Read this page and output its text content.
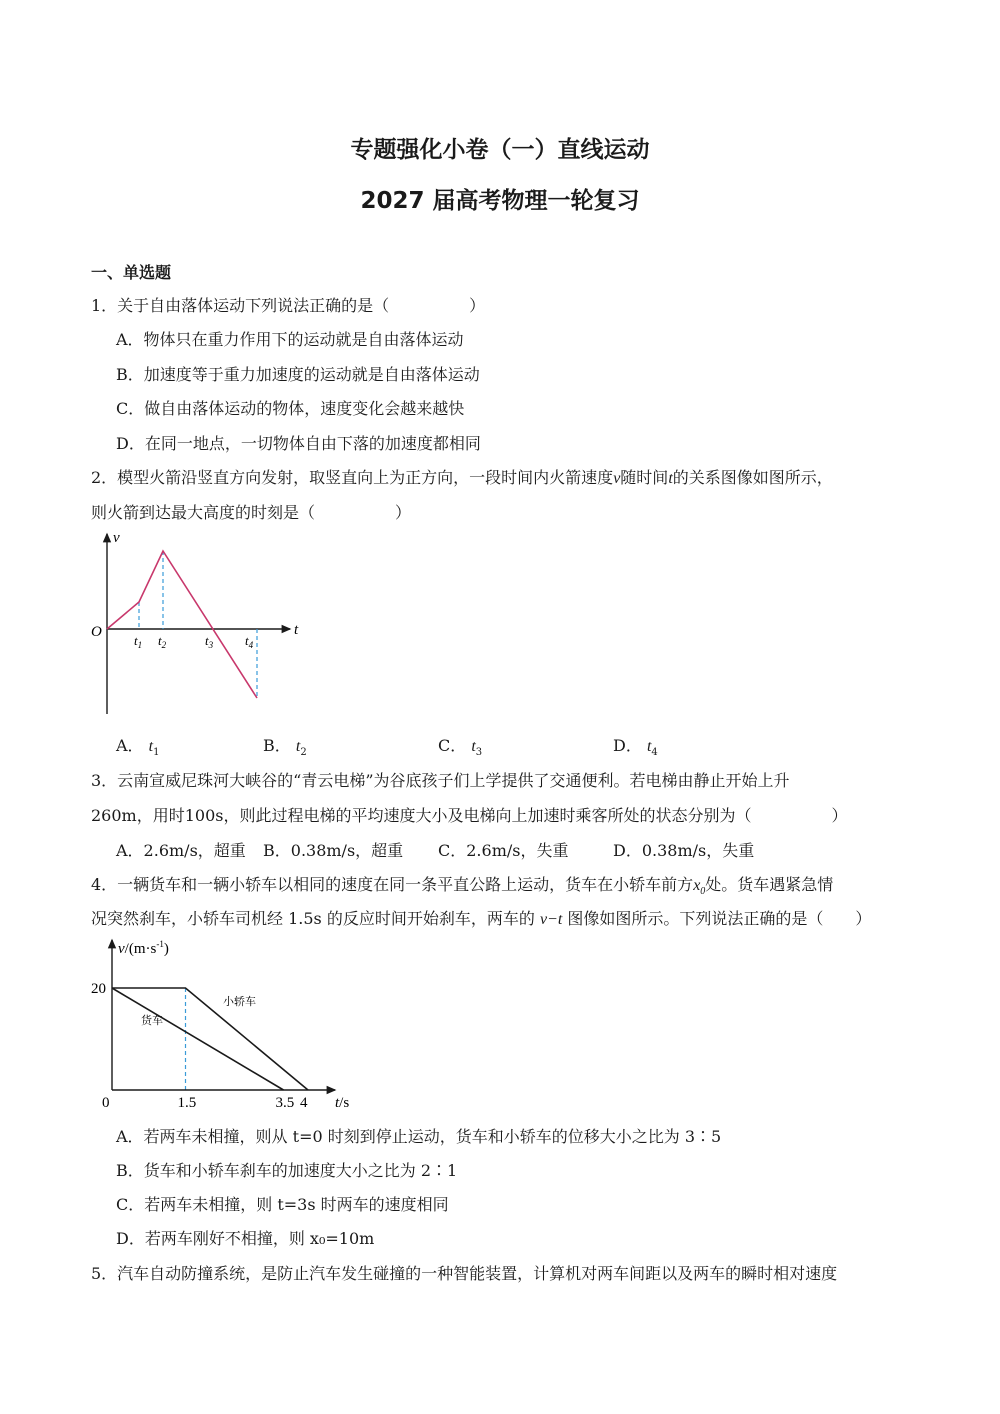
专题强化小卷（一）直线运动
2027 届高考物理一轮复习
一、单选题
1．关于自由落体运动下列说法正确的是（　　　　　）
A．物体只在重力作用下的运动就是自由落体运动
B．加速度等于重力加速度的运动就是自由落体运动
C．做自由落体运动的物体，速度变化会越来越快
D．在同一地点，一切物体自由下落的加速度都相同
2．模型火箭沿竖直方向发射，取竖直向上为正方向，一段时间内火箭速度v随时间t的关系图像如图所示，
则火箭到达最大高度的时刻是（　　　　　）
v
O	t
$t_1$ $t_2$	$t_3$ $t_4$
A． $t_1$	B． $t_2$	C． $t_3$	D． $t_4$
3．云南宣威尼珠河大峡谷的“青云电梯”为谷底孩子们上学提供了交通便利。若电梯由静止开始上升
260m，用时100s，则此过程电梯的平均速度大小及电梯向上加速时乘客所处的状态分别为（　　　　　）
A．2.6m/s，超重 B．0.38m/s，超重 C．2.6m/s，失重	D．0.38m/s，失重
4．一辆货车和一辆小轿车以相同的速度在同一条平直公路上运动，货车在小轿车前方$x_0$处。货车遇紧急情
况突然刹车，小轿车司机经 1.5s 的反应时间开始刹车，两车的 v−t 图像如图所示。下列说法正确的是（　　）
$v/(m\cdot s^{-1})$
t/s
0	1.5	3.5 4
20
小轿车
货车
A．若两车未相撞，则从 t=0 时刻到停止运动，货车和小轿车的位移大小之比为 3∶5
B．货车和小轿车刹车的加速度大小之比为 2∶1
C．若两车未相撞，则 t=3s 时两车的速度相同
D．若两车刚好不相撞，则 x₀=10m
5．汽车自动防撞系统，是防止汽车发生碰撞的一种智能装置，计算机对两车间距以及两车的瞬时相对速度
